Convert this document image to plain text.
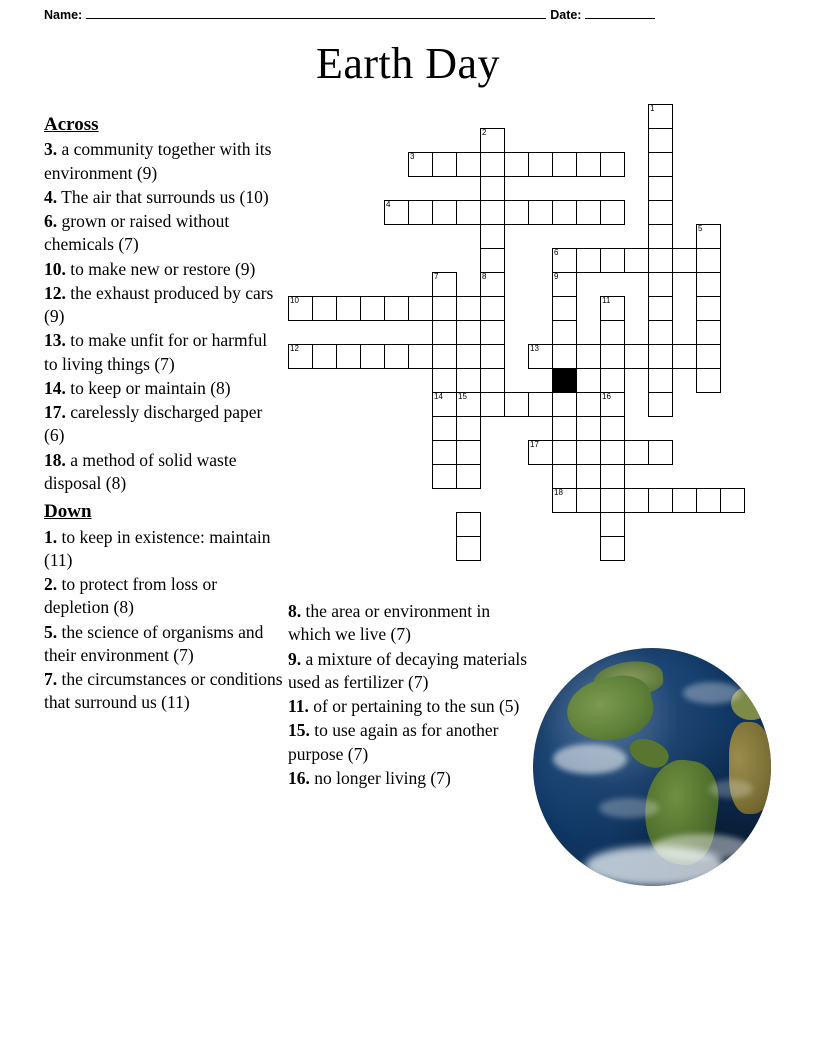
Name:	Date:
Earth Day
Across
3. a community together with its environment (9)
4. The air that surrounds us (10)
6. grown or raised without chemicals (7)
10. to make new or restore (9)
12. the exhaust produced by cars (9)
13. to make unfit for or harmful to living things (7)
14. to keep or maintain (8)
17. carelessly discharged paper (6)
18. a method of solid waste disposal (8)
Down
1. to keep in existence: maintain (11)
2. to protect from loss or depletion (8)
5. the science of organisms and their environment (7)
7. the circumstances or conditions that surround us (11)
8. the area or environment in which we live (7)
9. a mixture of decaying materials used as fertilizer (7)
11. of or pertaining to the sun (5)
15. to use again as for another purpose (7)
16. no longer living (7)
1
2
3
4
5
6
7	8	9
10	11
12	13
14 15	16
17
18
